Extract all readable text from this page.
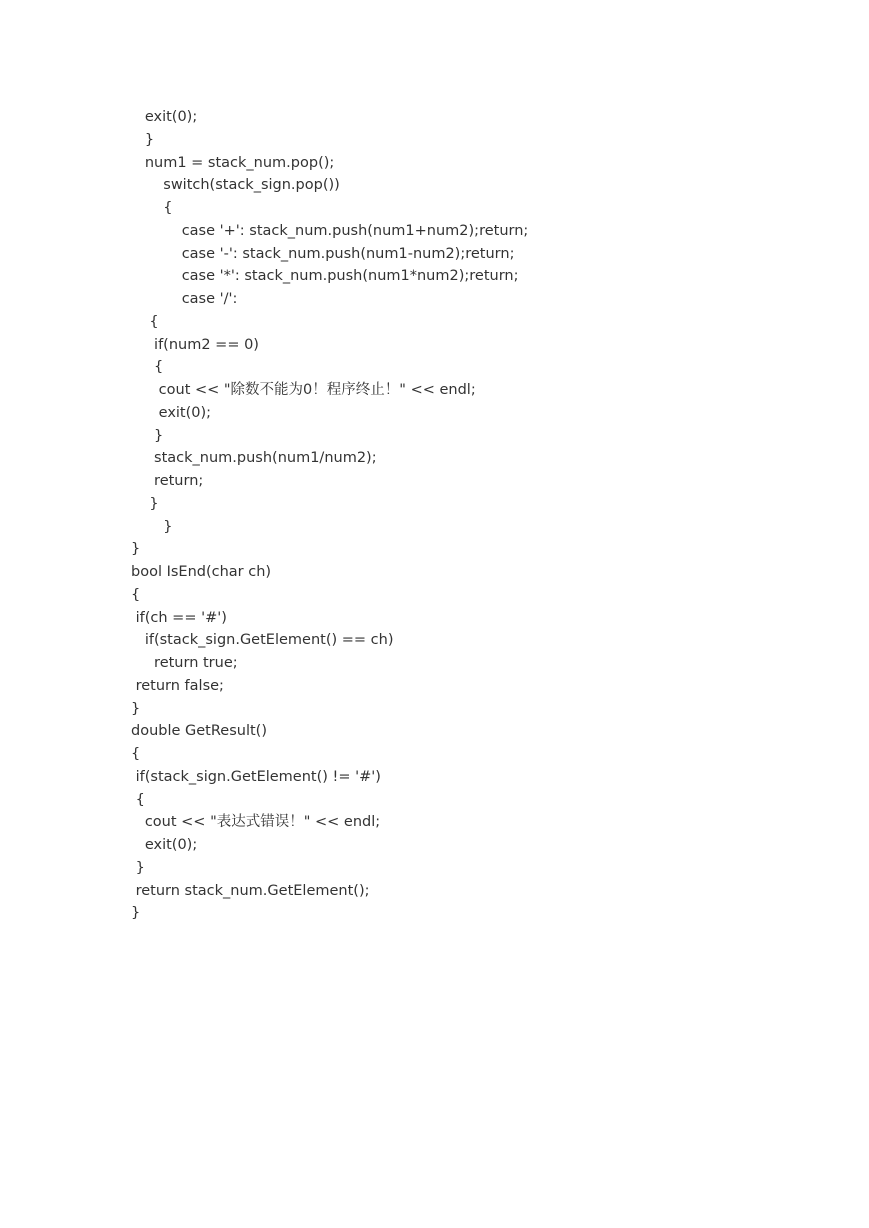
exit(0);
}
num1 = stack_num.pop();
switch(stack_sign.pop())
{
case '+': stack_num.push(num1+num2);return;
case '-': stack_num.push(num1-num2);return;
case '*': stack_num.push(num1*num2);return;
case '/':
{
if(num2 == 0)
{
cout << "除数不能为0！程序终止！" << endl;
exit(0);
}
stack_num.push(num1/num2);
return;
}
}
}
bool IsEnd(char ch)
{
if(ch == '#')
if(stack_sign.GetElement() == ch)
return true;
return false;
}
double GetResult()
{
if(stack_sign.GetElement() != '#')
{
cout << "表达式错误！" << endl;
exit(0);
}
return stack_num.GetElement();
}
